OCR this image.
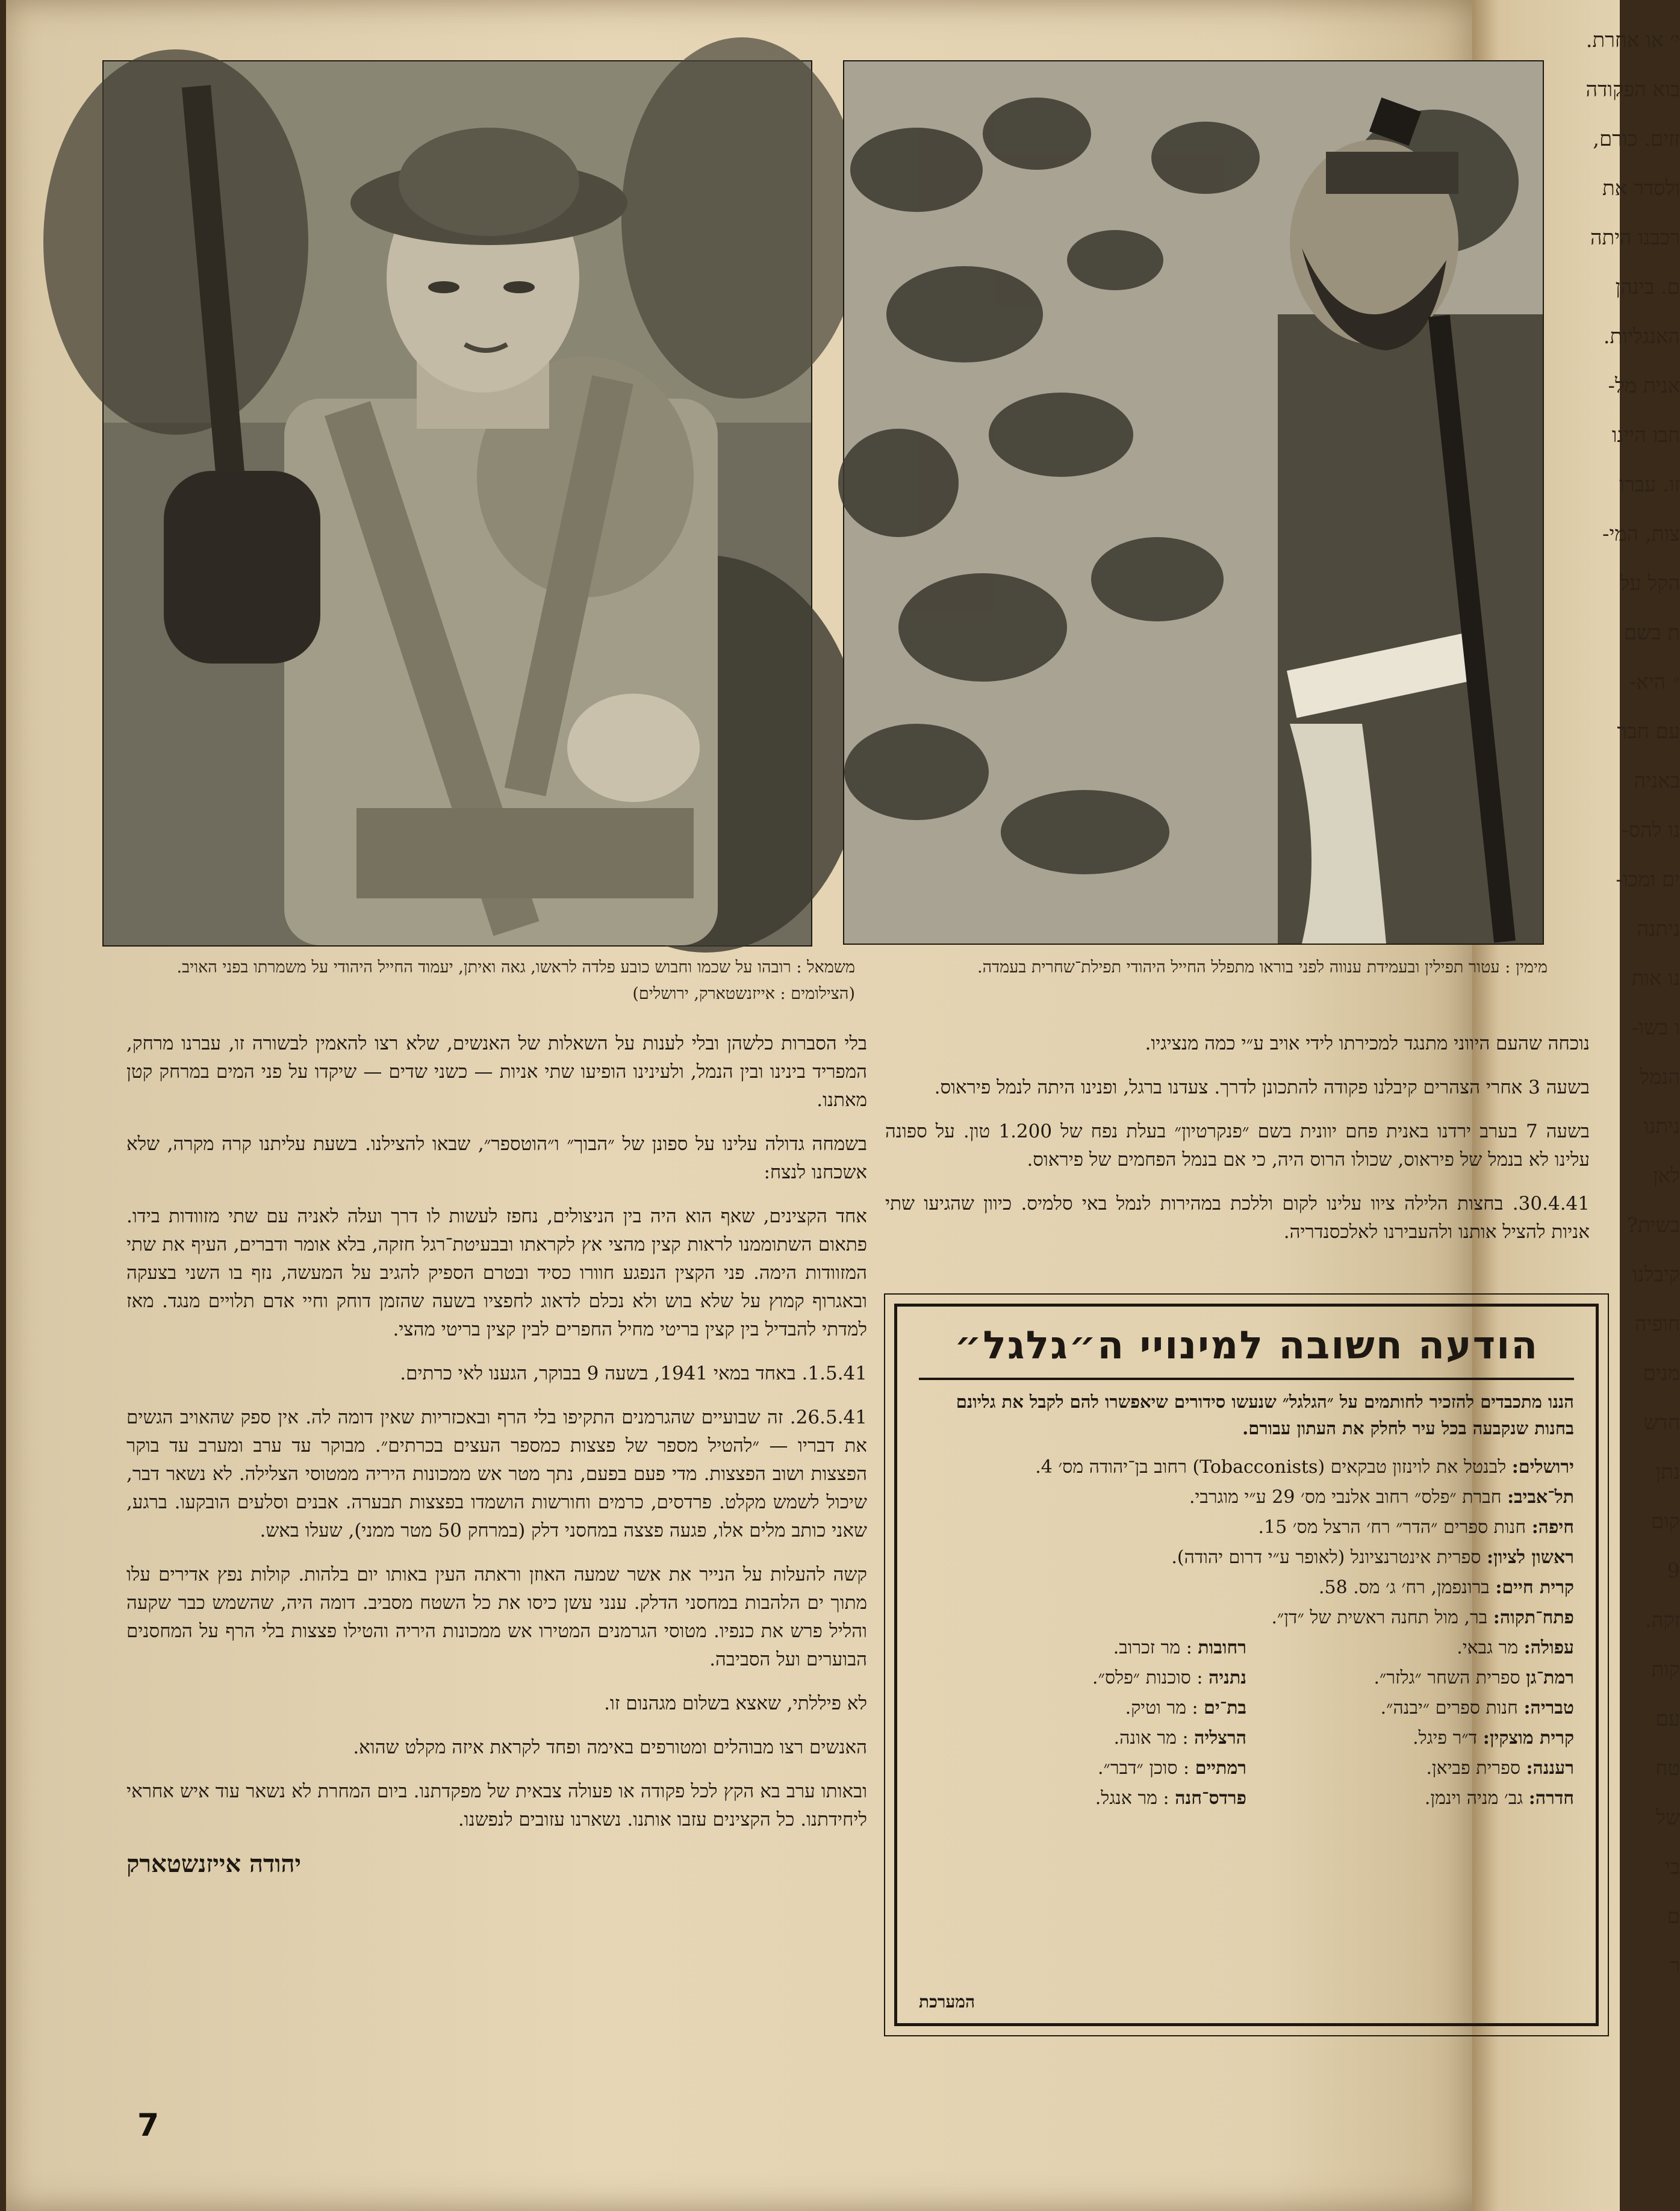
י׳ או אחרת.

בוא הפקודה

זזים. כורם,

ולסדר את

רכבנו היתה

ם. בינהן

האנגליות.

אנית מל-

חבו היינו

זו. עברו

צות, המי-

הקל על

ת בשם

״ היא-

עם חבר

באניה

נו להס-

ים ומכו-

ניתנה

נו אות

ו בשו-

הנמל

ניתנו

לאן

בשית?

קיבלנו

חופיה

מנים

חדש

נתן

קום

9

זקה.

קות

עם

טח

של

בי

ם

ר

משמאל : רובהו על שכמו וחבוש כובע פלדה לראשו, גאה ואיתן, יעמוד החייל היהודי על משמרתו בפני האויב. (הצילומים : אייזנשטארק, ירושלים)
מימין : עטור תפילין ובעמידת ענווה לפני בוראו מתפלל החייל היהודי תפילת־שחרית בעמדה.

נוכחה שהעם היווני מתנגד למכירתו לידי אויב ע״י כמה מנציגיו.

בשעה 3 אחרי הצהרים קיבלנו פקודה להתכונן לדרך. צעדנו ברגל, ופנינו היתה לנמל פיראוס.

בשעה 7 בערב ירדנו באנית פחם יוונית בשם ״פנקרטיון״ בעלת נפח של 1.200 טון. על ספונה עלינו לא בנמל של פיראוס, שכולו הרוס היה, כי אם בנמל הפחמים של פיראוס.

30.4.41. בחצות הלילה ציוו עלינו לקום וללכת במהירות לנמל באי סלמיס. כיוון שהגיעו שתי אניות להציל אותנו ולהעבירנו לאלכסנדריה.

בלי הסברות כלשהן ובלי לענות על השאלות של האנשים, שלא רצו להאמין לבשורה זו, עברנו מרחק, המפריד בינינו ובין הנמל, ולעינינו הופיעו שתי אניות — כשני שדים — שיקדו על פני המים במרחק קטן מאתנו.

בשמחה גדולה עלינו על ספונן של ״הבוך״ ו״הוטספר״, שבאו להצילנו. בשעת עליתנו קרה מקרה, שלא אשכחנו לנצח:

אחד הקצינים, שאף הוא היה בין הניצולים, נחפז לעשות לו דרך ועלה לאניה עם שתי מזוודות בידו. פתאום השתוממנו לראות קצין מהצי אץ לקראתו ובבעיטת־רגל חזקה, בלא אומר ודברים, העיף את שתי המזוודות הימה. פני הקצין הנפגע חוורו כסיד ובטרם הספיק להגיב על המעשה, נזף בו השני בצעקה ובאגרוף קמוץ על שלא בוש ולא נכלם לדאוג לחפציו בשעה שהזמן דוחק וחיי אדם תלויים מנגד. מאז למדתי להבדיל בין קצין בריטי מחיל החפרים לבין קצין בריטי מהצי.

1.5.41. באחד במאי 1941, בשעה 9 בבוקר, הגענו לאי כרתים.

26.5.41. זה שבועיים שהגרמנים התקיפו בלי הרף ובאכזריות שאין דומה לה. אין ספק שהאויב הגשים את דבריו — ״להטיל מספר של פצצות כמספר העצים בכרתים״. מבוקר עד ערב ומערב עד בוקר הפצצות ושוב הפצצות. מדי פעם בפעם, נתך מטר אש ממכונות היריה ממטוסי הצלילה. לא נשאר דבר, שיכול לשמש מקלט. פרדסים, כרמים וחורשות הושמדו בפצצות תבערה. אבנים וסלעים הובקעו. ברגע, שאני כותב מלים אלו, פגעה פצצה במחסני דלק (במרחק 50 מטר ממני), שעלו באש.

קשה להעלות על הנייר את אשר שמעה האוזן וראתה העין באותו יום בלהות. קולות נפץ אדירים עלו מתוך ים הלהבות במחסני הדלק. ענני עשן כיסו את כל השטח מסביב. דומה היה, שהשמש כבר שקעה והליל פרש את כנפיו. מטוסי הגרמנים המטירו אש ממכונות היריה והטילו פצצות בלי הרף על המחסנים הבוערים ועל הסביבה.

לא פיללתי, שאצא בשלום מגהנום זו.

האנשים רצו מבוהלים ומטורפים באימה ופחד לקראת איזה מקלט שהוא.

ובאותו ערב בא הקץ לכל פקודה או פעולה צבאית של מפקדתנו. ביום המחרת לא נשאר עוד איש אחראי ליחידתנו. כל הקצינים עזבו אותנו. נשארנו עזובים לנפשנו.

יהודה אייזנשטארק
הודעה חשובה למינויי ה״גלגל״

הננו מתכבדים להזכיר לחותמים על ״הגלגל״ שנעשו סידורים שיאפשרו להם לקבל את גליונם בחנות שנקבעה בכל עיר לחלק את העתון עבורם.

ירושלים: לבנטל את לוינזון טבקאים (Tobacconists) רחוב בן־יהודה מס׳ 4.

תל־אביב: חברת ״פלס״ רחוב אלנבי מס׳ 29 ע״י מוגרבי.

חיפה: חנות ספרים ״הדר״ רח׳ הרצל מס׳ 15.

ראשון לציון: ספרית אינטרנציונל (לאופר ע״י דרום יהודה).

קרית חיים: ברונפמן, רח׳ ג׳ מס. 58.

פתח־תקוה: בר, מול תחנה ראשית של ״דן״.

עפולה: מר גבאי.

רמת־גן ספרית השחר ״גלזר״.

טבריה: חנות ספרים ״יבנה״.

קרית מוצקין: ד״ר פיגל.

רעננה: ספרית פביאן.

חדרה: גב׳ מניה וינמן.

רחובות : מר זכרוב.

נתניה : סוכנות ״פלס״.

בת־ים : מר וטיק.

הרצליה : מר אונה.

רמתיים : סוכן ״דבר״.

פרדס־חנה : מר אנגל.

המערכת
7
